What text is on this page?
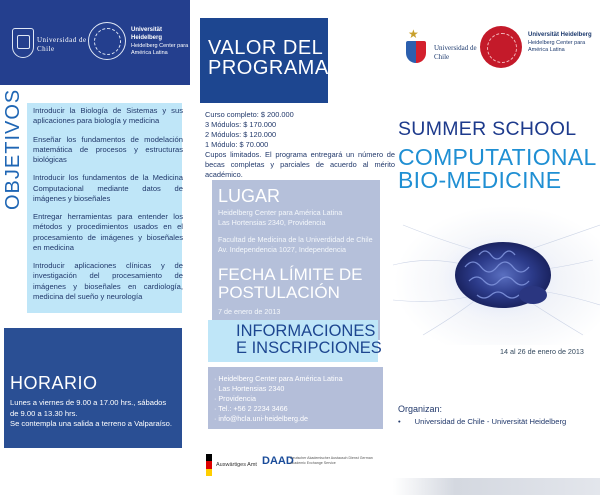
Universidad de Chile
Universität Heidelberg
Heidelberg Center para América Latina
OBJETIVOS Introducir la Biología de Sistemas y sus aplicaciones para biología y medicina

Enseñar los fundamentos de modelación matemática de procesos y estructuras biológicas

Introducir los fundamentos de la Medicina Computacional mediante datos de imágenes y bioseñales

Entregar herramientas para entender los métodos y procedimientos usados en el procesamiento de imágenes y bioseñales en medicina

Introducir aplicaciones clínicas y de investigación del procesamiento de imágenes y bioseñales en cardiología, medicina del sueño y neurología

HORARIO
Lunes a viernes de 9.00 a 17.00 hrs., sábados de 9.00 a 13.30 hrs.
Se contempla una salida a terreno a Valparaíso.
VALOR DEL PROGRAMA
Curso completo: $ 200.000
3 Módulos: $ 170.000
2 Módulos: $ 120.000
1 Módulo: $ 70.000
Cupos limitados. El programa entregará un número de becas completas y parciales de acuerdo al mérito académico.
LUGAR
Heidelberg Center para América Latina
Las Hortensias 2340, Providencia
Facultad de Medicina de la Univerdidad de Chile
Av. Independencia 1027, Independencia
FECHA LÍMITE DE POSTULACIÓN
7 de enero de 2013
INFORMACIONES E INSCRIPCIONES
· Heidelberg Center para América Latina
· Las Hortensias 2340
· Providencia
· Tel.: +56 2 2234 3466
· info@hcla.uni-heidelberg.de
Auswärtiges Amt DAAD
Deutscher Akademischer Austausch Dienst German Academic Exchange Service
★
Universidad de Chile
Universität Heidelberg
Heidelberg Center para América Latina
SUMMER SCHOOL
COMPUTATIONAL BIO-MEDICINE
14 al 26 de enero de 2013
Organizan:
• Universidad de Chile - Universität Heidelberg
